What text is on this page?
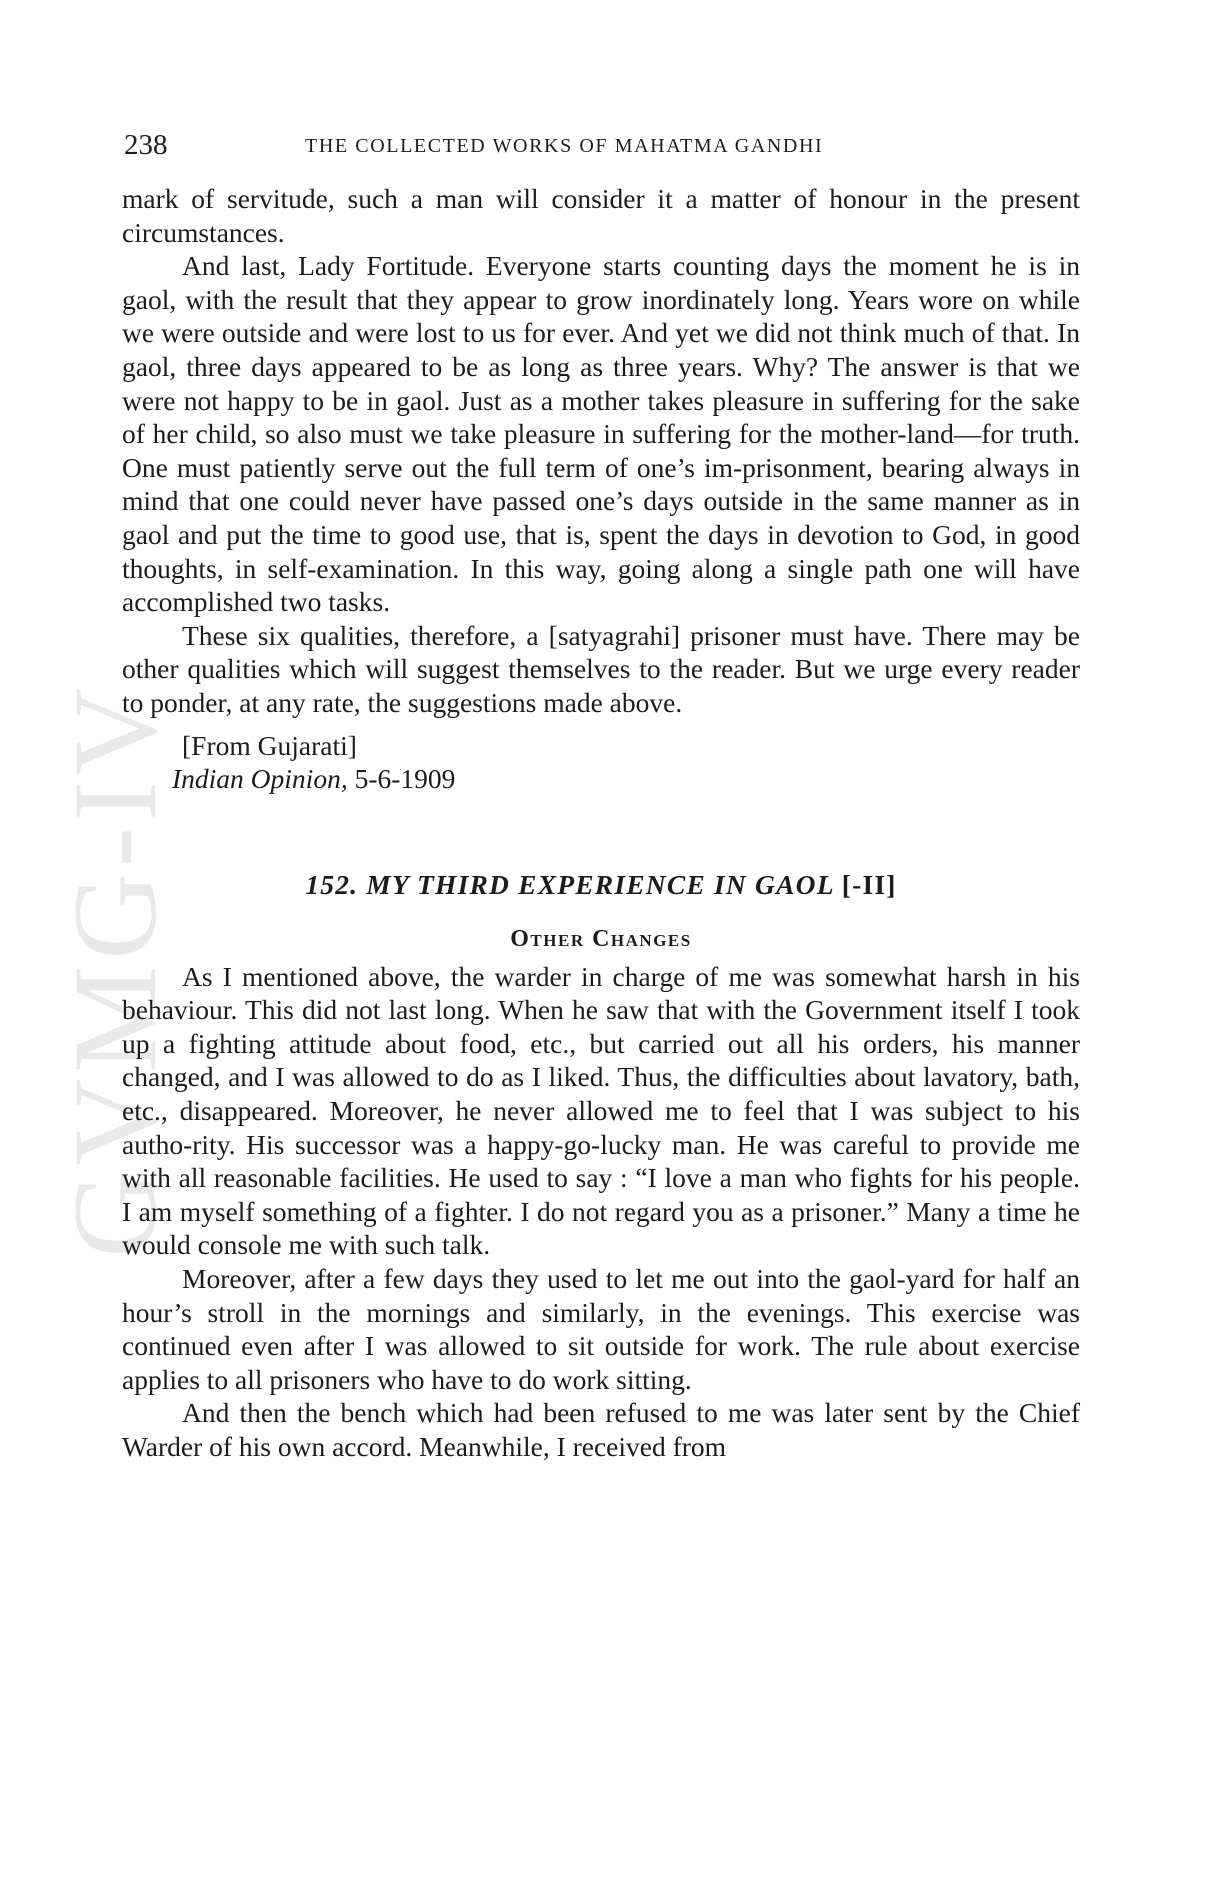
GVMG-IV
238	THE COLLECTED WORKS OF MAHATMA GANDHI

mark of servitude, such a man will consider it a matter of honour in the present circumstances.

And last, Lady Fortitude. Everyone starts counting days the moment he is in gaol, with the result that they appear to grow inordinately long. Years wore on while we were outside and were lost to us for ever. And yet we did not think much of that. In gaol, three days appeared to be as long as three years. Why? The answer is that we were not happy to be in gaol. Just as a mother takes pleasure in suffering for the sake of her child, so also must we take pleasure in suffering for the mother-land—for truth. One must patiently serve out the full term of one’s im-prisonment, bearing always in mind that one could never have passed one’s days outside in the same manner as in gaol and put the time to good use, that is, spent the days in devotion to God, in good thoughts, in self-examination. In this way, going along a single path one will have accomplished two tasks.

These six qualities, therefore, a [satyagrahi] prisoner must have. There may be other qualities which will suggest themselves to the reader. But we urge every reader to ponder, at any rate, the suggestions made above.

[From Gujarati]

Indian Opinion, 5-6-1909

152. MY THIRD EXPERIENCE IN GAOL [-II]
Other Changes

As I mentioned above, the warder in charge of me was somewhat harsh in his behaviour. This did not last long. When he saw that with the Government itself I took up a fighting attitude about food, etc., but carried out all his orders, his manner changed, and I was allowed to do as I liked. Thus, the difficulties about lavatory, bath, etc., disappeared. Moreover, he never allowed me to feel that I was subject to his autho-rity. His successor was a happy-go-lucky man. He was careful to provide me with all reasonable facilities. He used to say : “I love a man who fights for his people. I am myself something of a fighter. I do not regard you as a prisoner.” Many a time he would console me with such talk.

Moreover, after a few days they used to let me out into the gaol-yard for half an hour’s stroll in the mornings and similarly, in the evenings. This exercise was continued even after I was allowed to sit outside for work. The rule about exercise applies to all prisoners who have to do work sitting.

And then the bench which had been refused to me was later sent by the Chief Warder of his own accord. Meanwhile, I received from
